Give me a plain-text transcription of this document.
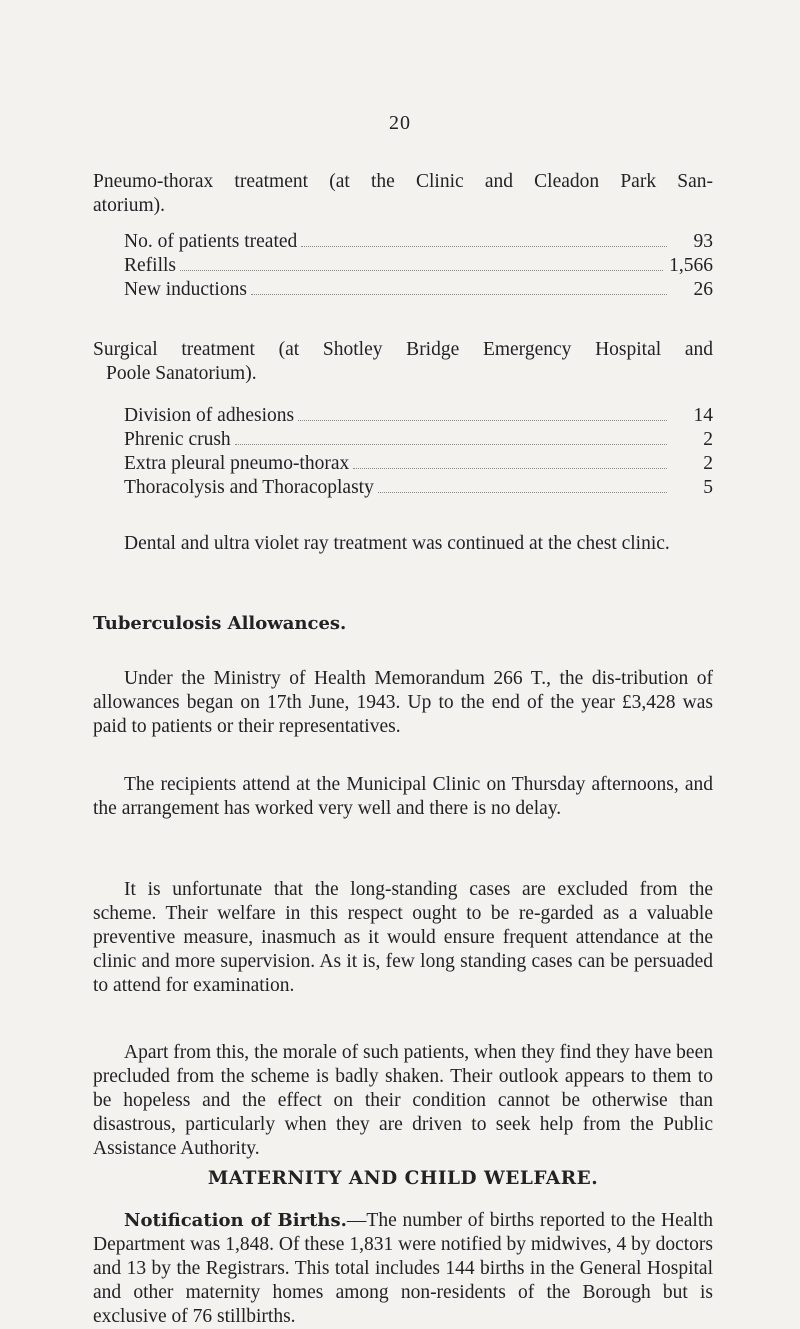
20
Pneumo-thorax treatment (at the Clinic and Cleadon Park San-
atorium).
No. of patients treated	93
Refills	1,566
New inductions	26
Surgical treatment (at Shotley Bridge Emergency Hospital and
Poole Sanatorium).
Division of adhesions	14
Phrenic crush	2
Extra pleural pneumo-thorax	2
Thoracolysis and Thoracoplasty	5
Dental and ultra violet ray treatment was continued at the chest clinic.
Tuberculosis Allowances.
Under the Ministry of Health Memorandum 266 T., the dis-tribution of allowances began on 17th June, 1943. Up to the end of the year £3,428 was paid to patients or their representatives.
The recipients attend at the Municipal Clinic on Thursday afternoons, and the arrangement has worked very well and there is no delay.
It is unfortunate that the long-standing cases are excluded from the scheme. Their welfare in this respect ought to be re-garded as a valuable preventive measure, inasmuch as it would ensure frequent attendance at the clinic and more supervision. As it is, few long standing cases can be persuaded to attend for examination.
Apart from this, the morale of such patients, when they find they have been precluded from the scheme is badly shaken. Their outlook appears to them to be hopeless and the effect on their condition cannot be otherwise than disastrous, particularly when they are driven to seek help from the Public Assistance Authority.
MATERNITY AND CHILD WELFARE.
Notification of Births.—The number of births reported to the Health Department was 1,848. Of these 1,831 were notified by midwives, 4 by doctors and 13 by the Registrars. This total includes 144 births in the General Hospital and other maternity homes among non-residents of the Borough but is exclusive of 76 stillbirths.
